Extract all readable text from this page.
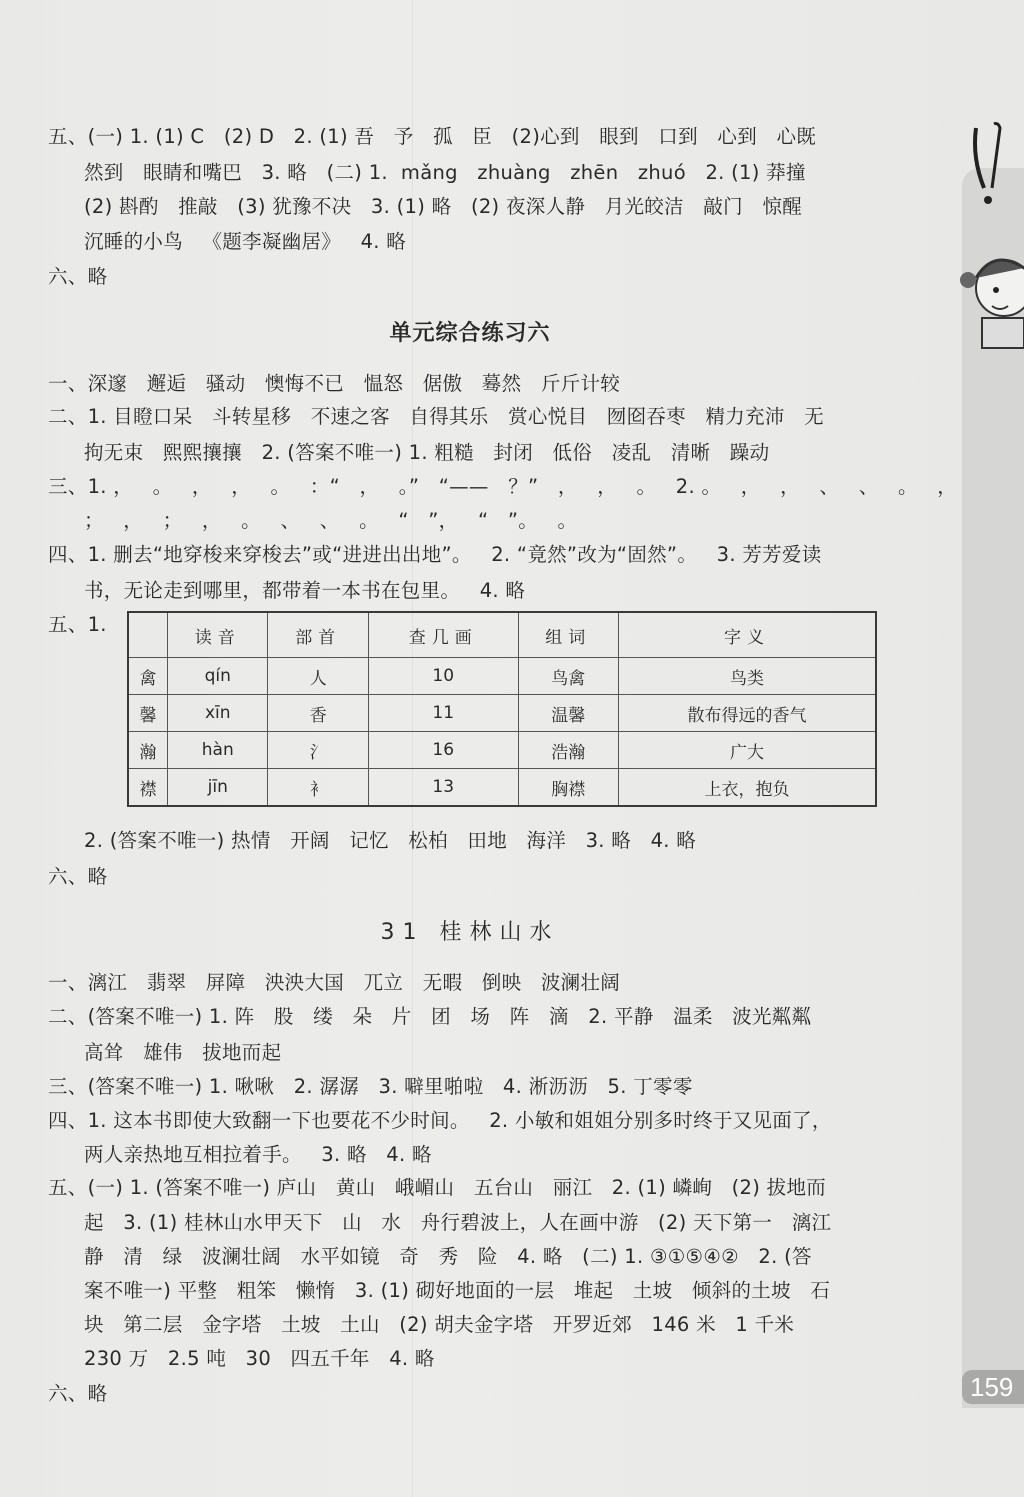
五、(一) 1. (1) C   (2) D   2. (1) 吾   予   孤   臣   (2)心到   眼到   口到   心到   心既
然到   眼睛和嘴巴   3. 略   (二) 1.  mǎng   zhuàng   zhēn   zhuó   2. (1) 莽撞
(2) 斟酌   推敲   (3) 犹豫不决   3. (1) 略   (2) 夜深人静   月光皎洁   敲门   惊醒
沉睡的小鸟   《题李凝幽居》   4. 略
六、略
单元综合练习六
一、深邃   邂逅   骚动   懊悔不已   愠怒   倨傲   蓦然   斤斤计较
二、1. 目瞪口呆   斗转星移   不速之客   自得其乐   赏心悦目   囫囵吞枣   精力充沛   无
拘无束   熙熙攘攘   2. (答案不唯一) 1. 粗糙   封闭   低俗   凌乱   清晰   躁动
三、1. ，   。   ，   ，   。   ：“   ，   。”   “——   ？”   ，   ，   。   2. 。   ，   ，   、   、   。   ，
；   ，   ；   ，   。   、   、   。   “   ”，   “   ”。   。
四、1. 删去“地穿梭来穿梭去”或“进进出出地”。   2. “竟然”改为“固然”。   3. 芳芳爱读
书，无论走到哪里，都带着一本书在包里。   4. 略
五、1.
	读音	部首	查几画	组词	字义
禽	qín	人	10	鸟禽	鸟类
馨	xīn	香	11	温馨	散布得远的香气
瀚	hàn	氵	16	浩瀚	广大
襟	jīn	衤	13	胸襟	上衣，抱负
2. (答案不唯一) 热情   开阔   记忆   松柏   田地   海洋   3. 略   4. 略
六、略
31 桂林山水
一、漓江   翡翠   屏障   泱泱大国   兀立   无暇   倒映   波澜壮阔
二、(答案不唯一) 1. 阵   股   缕   朵   片   团   场   阵   滴   2. 平静   温柔   波光粼粼
高耸   雄伟   拔地而起
三、(答案不唯一) 1. 啾啾   2. 潺潺   3. 噼里啪啦   4. 淅沥沥   5. 丁零零
四、1. 这本书即使大致翻一下也要花不少时间。   2. 小敏和姐姐分别多时终于又见面了，
两人亲热地互相拉着手。   3. 略   4. 略
五、(一) 1. (答案不唯一) 庐山   黄山   峨嵋山   五台山   丽江   2. (1) 嶙峋   (2) 拔地而
起   3. (1) 桂林山水甲天下   山   水   舟行碧波上，人在画中游   (2) 天下第一   漓江
静   清   绿   波澜壮阔   水平如镜   奇   秀   险   4. 略   (二) 1. ③①⑤④②   2. (答
案不唯一) 平整   粗笨   懒惰   3. (1) 砌好地面的一层   堆起   土坡   倾斜的土坡   石
块   第二层   金字塔   土坡   土山   (2) 胡夫金字塔   开罗近郊   146 米   1 千米
230 万   2.5 吨   30   四五千年   4. 略
六、略	159
